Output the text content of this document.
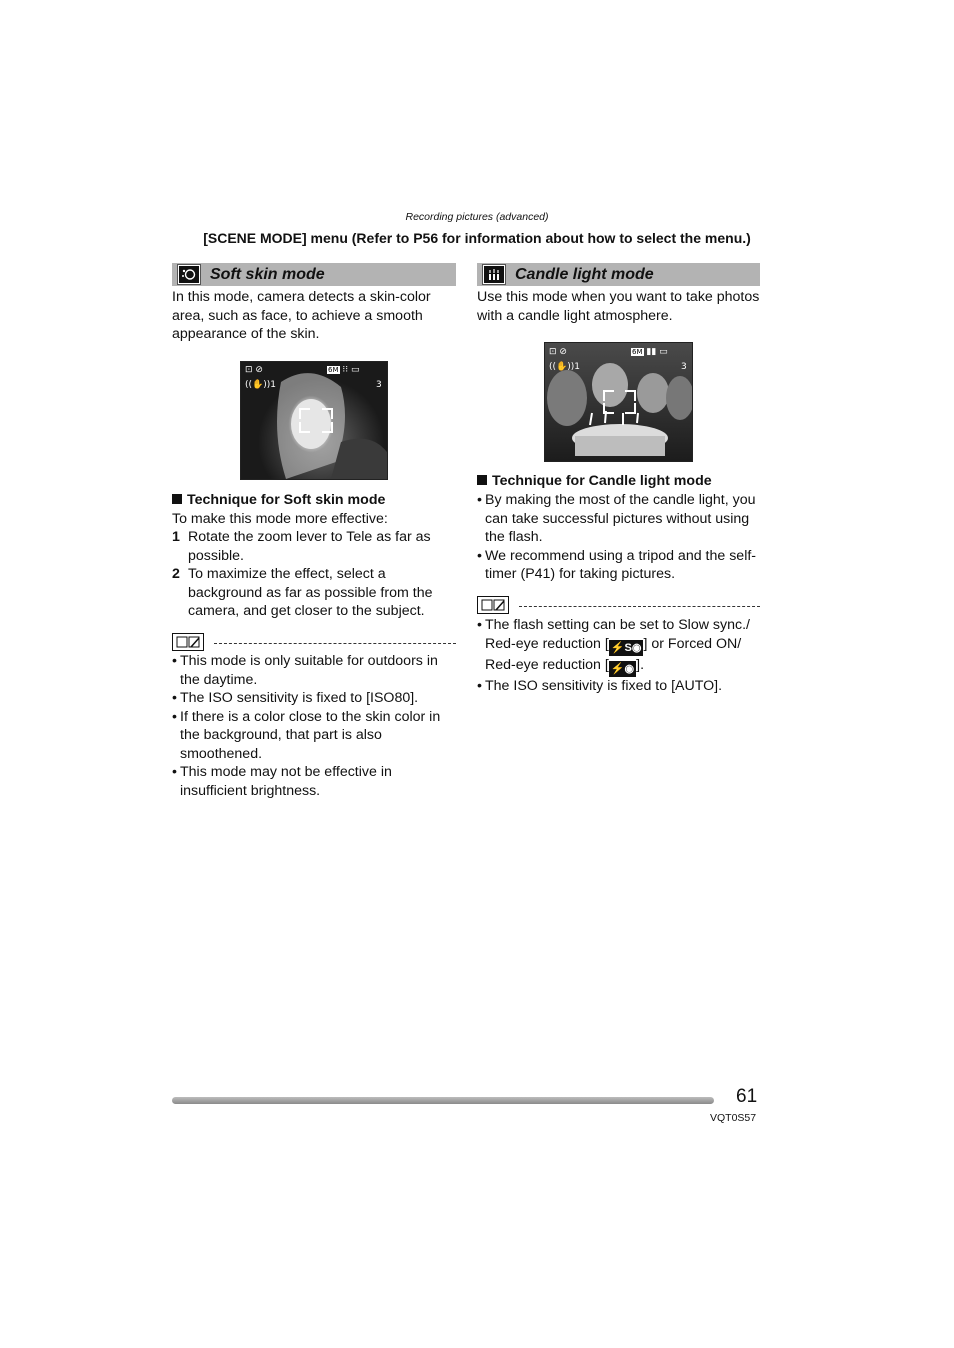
Recording pictures (advanced)
[SCENE MODE] menu (Refer to P56 for information about how to select the menu.)
Soft skin mode
In this mode, camera detects a skin-color area, such as face, to achieve a smooth appearance of the skin.
⊡ ⊘
((✋))1
6M ⁝⁝ ▭
3
Technique for Soft skin mode
To make this mode more effective:
1 Rotate the zoom lever to Tele as far as possible.
2 To maximize the effect, select a background as far as possible from the camera, and get closer to the subject.
• This mode is only suitable for outdoors in the daytime.
• The ISO sensitivity is fixed to [ISO80].
• If there is a color close to the skin color in the background, that part is also smoothened.
• This mode may not be effective in insufficient brightness.
Candle light mode
Use this mode when you want to take photos with a candle light atmosphere.
⊡ ⊘
((✋))1
6M ▮▮ ▭
3
Technique for Candle light mode
• By making the most of the candle light, you can take successful pictures without using the flash.
• We recommend using a tripod and the self-timer (P41) for taking pictures.
• The flash setting can be set to Slow sync./ Red-eye reduction [ ⚡S◉ ] or Forced ON/ Red-eye reduction [ ⚡◉ ].
• The ISO sensitivity is fixed to [AUTO].
61
VQT0S57
